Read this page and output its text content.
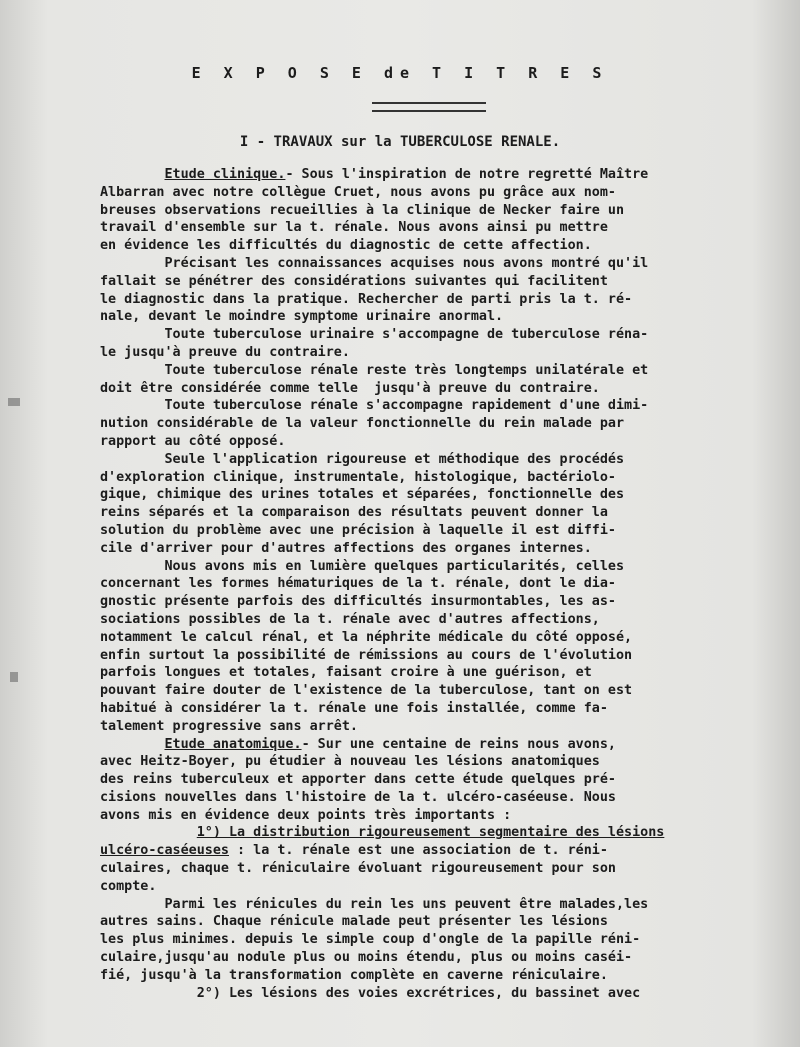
E X P O S E de T I T R E S
I - TRAVAUX sur la TUBERCULOSE RENALE.
Etude clinique.- Sous l'inspiration de notre regretté Maître
Albarran avec notre collègue Cruet, nous avons pu grâce aux nom-
breuses observations recueillies à la clinique de Necker faire un
travail d'ensemble sur la t. rénale. Nous avons ainsi pu mettre
en évidence les difficultés du diagnostic de cette affection.
Précisant les connaissances acquises nous avons montré qu'il
fallait se pénétrer des considérations suivantes qui facilitent
le diagnostic dans la pratique. Rechercher de parti pris la t. ré-
nale, devant le moindre symptome urinaire anormal.
Toute tuberculose urinaire s'accompagne de tuberculose réna-
le jusqu'à preuve du contraire.
Toute tuberculose rénale reste très longtemps unilatérale et
doit être considérée comme telle  jusqu'à preuve du contraire.
Toute tuberculose rénale s'accompagne rapidement d'une dimi-
nution considérable de la valeur fonctionnelle du rein malade par
rapport au côté opposé.
Seule l'application rigoureuse et méthodique des procédés
d'exploration clinique, instrumentale, histologique, bactériolo-
gique, chimique des urines totales et séparées, fonctionnelle des
reins séparés et la comparaison des résultats peuvent donner la
solution du problème avec une précision à laquelle il est diffi-
cile d'arriver pour d'autres affections des organes internes.
Nous avons mis en lumière quelques particularités, celles
concernant les formes hématuriques de la t. rénale, dont le dia-
gnostic présente parfois des difficultés insurmontables, les as-
sociations possibles de la t. rénale avec d'autres affections,
notamment le calcul rénal, et la néphrite médicale du côté opposé,
enfin surtout la possibilité de rémissions au cours de l'évolution
parfois longues et totales, faisant croire à une guérison, et
pouvant faire douter de l'existence de la tuberculose, tant on est
habitué à considérer la t. rénale une fois installée, comme fa-
talement progressive sans arrêt.
Etude anatomique.- Sur une centaine de reins nous avons,
avec Heitz-Boyer, pu étudier à nouveau les lésions anatomiques
des reins tuberculeux et apporter dans cette étude quelques pré-
cisions nouvelles dans l'histoire de la t. ulcéro-caséeuse. Nous
avons mis en évidence deux points très importants :
1°) La distribution rigoureusement segmentaire des lésions
ulcéro-caséeuses : la t. rénale est une association de t. réni-
culaires, chaque t. réniculaire évoluant rigoureusement pour son
compte.
Parmi les rénicules du rein les uns peuvent être malades,les
autres sains. Chaque rénicule malade peut présenter les lésions
les plus minimes. depuis le simple coup d'ongle de la papille réni-
culaire,jusqu'au nodule plus ou moins étendu, plus ou moins caséi-
fié, jusqu'à la transformation complète en caverne réniculaire.
2°) Les lésions des voies excrétrices, du bassinet avec
